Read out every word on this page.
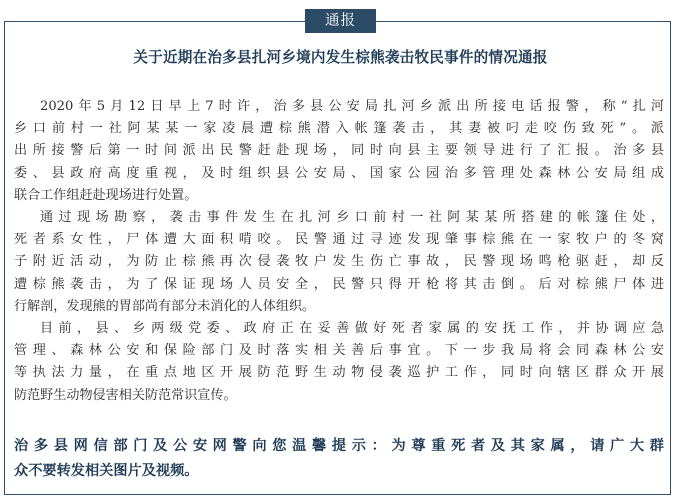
通报
关于近期在治多县扎河乡境内发生棕熊袭击牧民事件的情况通报

2020年5月12日早上7时许，治多县公安局扎河乡派出所接电话报警，称“扎河
乡口前村一社阿某某一家凌晨遭棕熊潜入帐篷袭击，其妻被叼走咬伤致死”。派
出所接警后第一时间派出民警赶赴现场，同时向县主要领导进行了汇报。治多县
委、县政府高度重视，及时组织县公安局、国家公园治多管理处森林公安局组成
联合工作组赶赴现场进行处置。

通过现场勘察，袭击事件发生在扎河乡口前村一社阿某某所搭建的帐篷住处，
死者系女性，尸体遭大面积啃咬。民警通过寻迹发现肇事棕熊在一家牧户的冬窝
子附近活动，为防止棕熊再次侵袭牧户发生伤亡事故，民警现场鸣枪驱赶，却反
遭棕熊袭击，为了保证现场人员安全，民警只得开枪将其击倒。后对棕熊尸体进
行解剖，发现熊的胃部尚有部分未消化的人体组织。

目前，县、乡两级党委、政府正在妥善做好死者家属的安抚工作，并协调应急
管理、森林公安和保险部门及时落实相关善后事宜。下一步我局将会同森林公安
等执法力量，在重点地区开展防范野生动物侵袭巡护工作，同时向辖区群众开展
防范野生动物侵害相关防范常识宣传。

治多县网信部门及公安网警向您温馨提示：为尊重死者及其家属，请广大群
众不要转发相关图片及视频。
